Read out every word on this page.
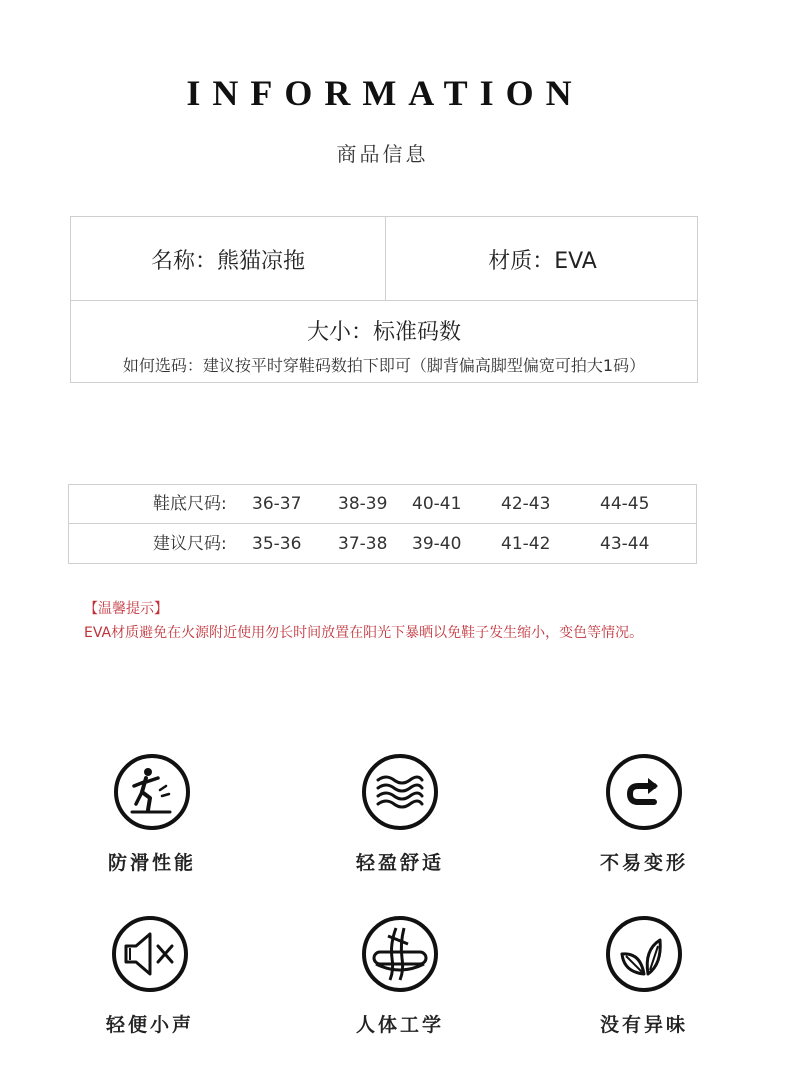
INFORMATION
商品信息
名称：熊猫凉拖	材质：EVA
大小：标准码数
如何选码：建议按平时穿鞋码数拍下即可（脚背偏高脚型偏宽可拍大1码）
鞋底尺码: 36-37 38-39 40-41 42-43	44-45
建议尺码: 35-36 37-38 39-40 41-42	43-44
【温馨提示】
EVA材质避免在火源附近使用勿长时间放置在阳光下暴晒以免鞋子发生缩小，变色等情况。
防滑性能	轻盈舒适	不易变形
轻便小声	人体工学	没有异味
